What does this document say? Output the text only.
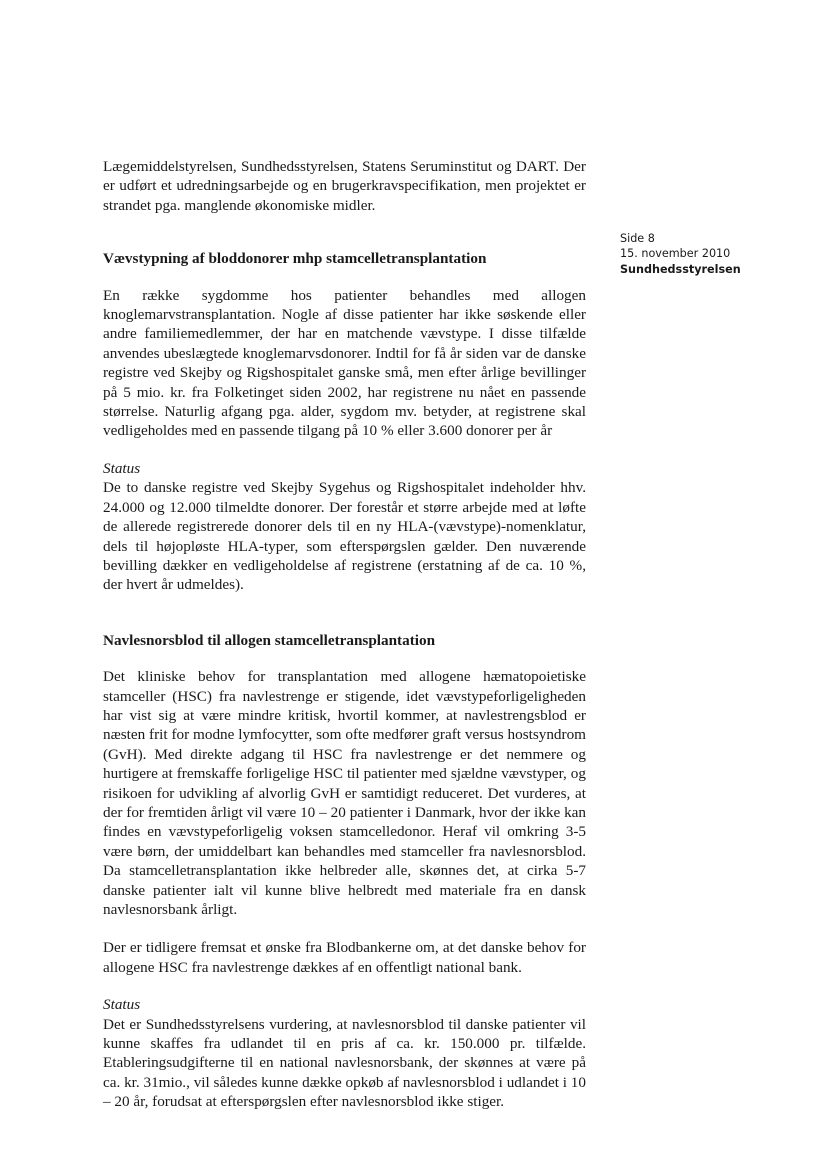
Side 8
15. november 2010
Sundhedsstyrelsen

Lægemiddelstyrelsen, Sundhedsstyrelsen, Statens Seruminstitut og DART. Der er udført et udredningsarbejde og en brugerkravspecifikation, men projektet er strandet pga. manglende økonomiske midler.

Vævstypning af bloddonorer mhp stamcelletransplantation

En række sygdomme hos patienter behandles med allogen knoglemarvstransplantation. Nogle af disse patienter har ikke søskende eller andre familiemedlemmer, der har en matchende vævstype. I disse tilfælde anvendes ubeslægtede knoglemarvsdonorer. Indtil for få år siden var de danske registre ved Skejby og Rigshospitalet ganske små, men efter årlige bevillinger på 5 mio. kr. fra Folketinget siden 2002, har registrene nu nået en passende størrelse. Naturlig afgang pga. alder, sygdom mv. betyder, at registrene skal vedligeholdes med en passende tilgang på 10 % eller 3.600 donorer per år

Status

De to danske registre ved Skejby Sygehus og Rigshospitalet indeholder hhv. 24.000 og 12.000 tilmeldte donorer. Der forestår et større arbejde med at løfte de allerede registrerede donorer dels til en ny HLA-(vævstype)-nomenklatur, dels til højopløste HLA-typer, som efterspørgslen gælder. Den nuværende bevilling dækker en vedligeholdelse af registrene (erstatning af de ca. 10 %, der hvert år udmeldes).

Navlesnorsblod til allogen stamcelletransplantation

Det kliniske behov for transplantation med allogene hæmatopoietiske stamceller (HSC) fra navlestrenge er stigende, idet vævstypeforligeligheden har vist sig at være mindre kritisk, hvortil kommer, at navlestrengsblod er næsten frit for modne lymfocytter, som ofte medfører graft versus hostsyndrom (GvH). Med direkte adgang til HSC fra navlestrenge er det nemmere og hurtigere at fremskaffe forligelige HSC til patienter med sjældne vævstyper, og risikoen for udvikling af alvorlig GvH er samtidigt reduceret. Det vurderes, at der for fremtiden årligt vil være 10 – 20 patienter i Danmark, hvor der ikke kan findes en vævstypeforligelig voksen stamcelledonor. Heraf vil omkring 3-5 være børn, der umiddelbart kan behandles med stamceller fra navlesnorsblod. Da stamcelletransplantation ikke helbreder alle, skønnes det, at cirka 5-7 danske patienter ialt vil kunne blive helbredt med materiale fra en dansk navlesnorsbank årligt.

Der er tidligere fremsat et ønske fra Blodbankerne om, at det danske behov for allogene HSC fra navlestrenge dækkes af en offentligt national bank.

Status

Det er Sundhedsstyrelsens vurdering, at navlesnorsblod til danske patienter vil kunne skaffes fra udlandet til en pris af ca. kr. 150.000 pr. tilfælde. Etableringsudgifterne til en national navlesnorsbank, der skønnes at være på ca. kr. 31mio., vil således kunne dække opkøb af navlesnorsblod i udlandet i 10 – 20 år, forudsat at efterspørgslen efter navlesnorsblod ikke stiger.
